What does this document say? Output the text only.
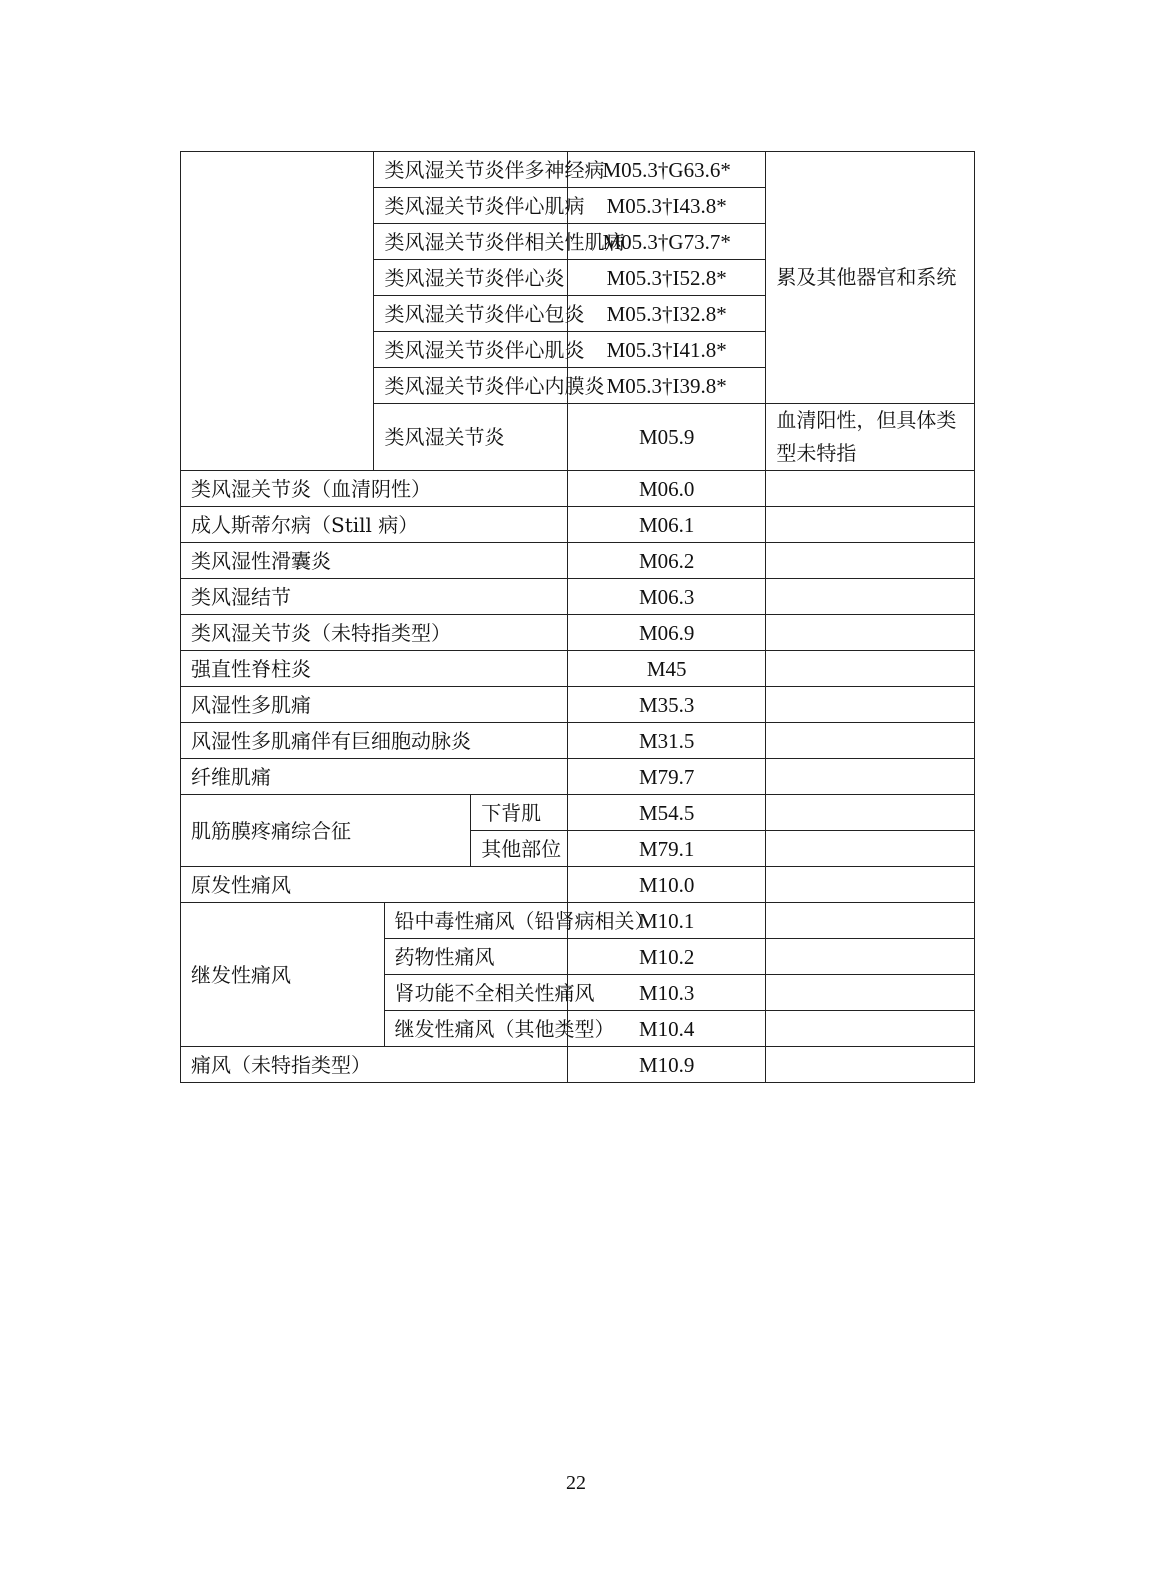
	类风湿关节炎伴多神经病			M05.3†G63.6*	累及其他器官和系统
	类风湿关节炎伴心肌病			M05.3†I43.8*	
	类风湿关节炎伴相关性肌病			M05.3†G73.7*	
	类风湿关节炎伴心炎			M05.3†I52.8*	
	类风湿关节炎伴心包炎			M05.3†I32.8*	
	类风湿关节炎伴心肌炎			M05.3†I41.8*	
	类风湿关节炎伴心内膜炎			M05.3†I39.8*	
	类风湿关节炎			M05.9	血清阳性，但具体类型未特指
类风湿关节炎（血清阴性）				M06.0	
成人斯蒂尔病（Still 病）				M06.1	
类风湿性滑囊炎				M06.2	
类风湿结节				M06.3	
类风湿关节炎（未特指类型）				M06.9	
强直性脊柱炎				M45	
风湿性多肌痛				M35.3	
风湿性多肌痛伴有巨细胞动脉炎				M31.5	
纤维肌痛				M79.7	
肌筋膜疼痛综合征			下背肌	M54.5	
			其他部位	M79.1	
原发性痛风				M10.0	
继发性痛风		铅中毒性痛风（铅肾病相关）		M10.1	
		药物性痛风		M10.2	
		肾功能不全相关性痛风		M10.3	
		继发性痛风（其他类型）		M10.4	
痛风（未特指类型）				M10.9	
22
